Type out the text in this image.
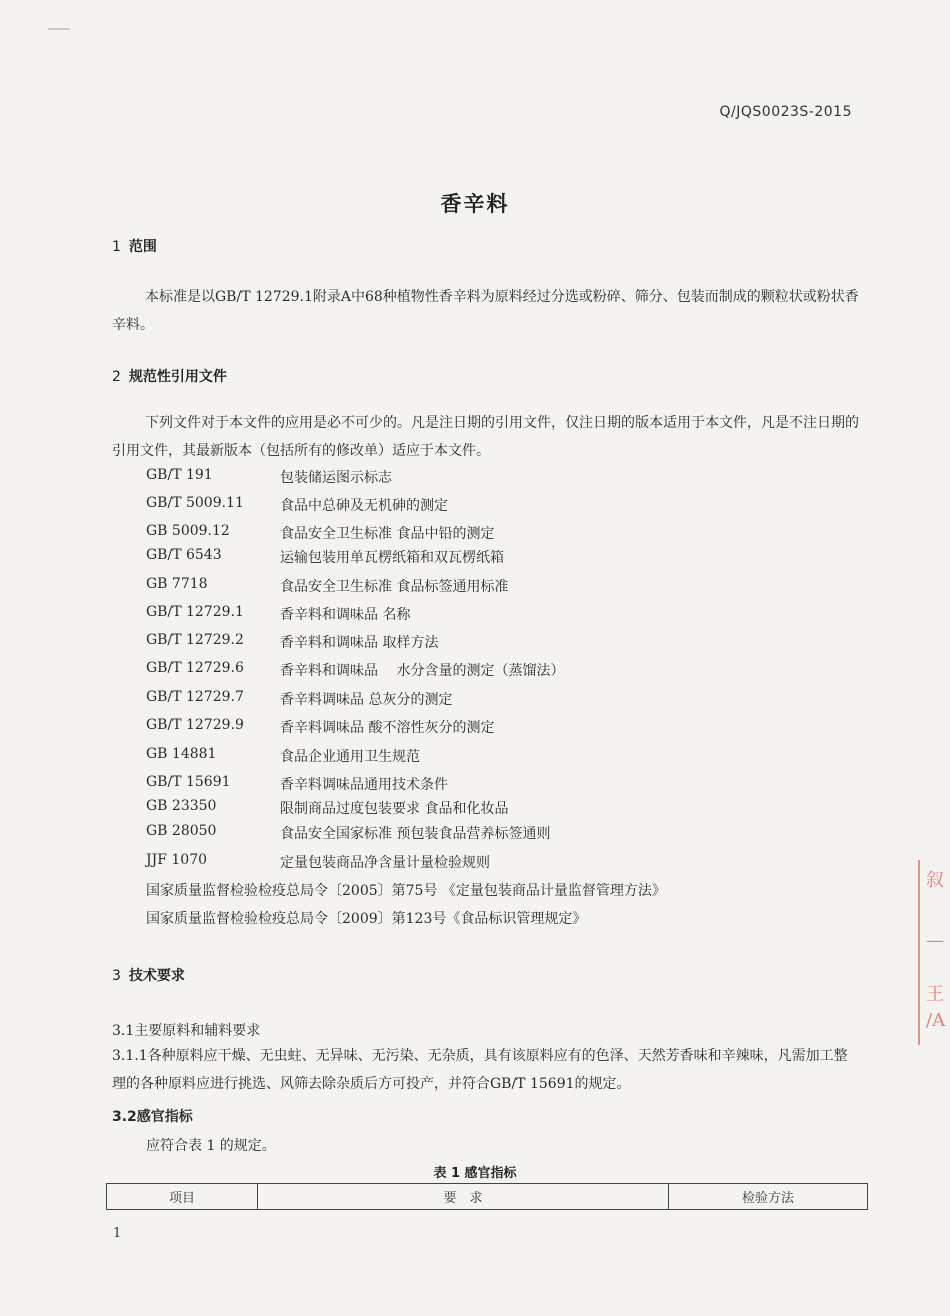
Q/JQS0023S-2015
香辛料
1 范围
本标准是以GB/T 12729.1附录A中68种植物性香辛料为原料经过分选或粉碎、筛分、包装而制成的颗粒状或粉状香辛料。
2 规范性引用文件
下列文件对于本文件的应用是必不可少的。凡是注日期的引用文件，仅注日期的版本适用于本文件，凡是不注日期的引用文件，其最新版本（包括所有的修改单）适应于本文件。
GB/T 191	包装储运图示标志
GB/T 5009.11	食品中总砷及无机砷的测定
GB 5009.12	食品安全卫生标准 食品中铅的测定
GB/T 6543	运输包装用单瓦楞纸箱和双瓦楞纸箱
GB 7718	食品安全卫生标准 食品标签通用标准
GB/T 12729.1	香辛料和调味品 名称
GB/T 12729.2	香辛料和调味品 取样方法
GB/T 12729.6	香辛料和调味品　 水分含量的测定（蒸馏法）
GB/T 12729.7	香辛料调味品 总灰分的测定
GB/T 12729.9	香辛料调味品 酸不溶性灰分的测定
GB 14881	食品企业通用卫生规范
GB/T 15691	香辛料调味品通用技术条件
GB 23350	限制商品过度包装要求 食品和化妆品
GB 28050	食品安全国家标准 预包装食品营养标签通则
JJF 1070	定量包装商品净含量计量检验规则
国家质量监督检验检疫总局令〔2005〕第75号 《定量包装商品计量监督管理方法》
国家质量监督检验检疫总局令〔2009〕第123号《食品标识管理规定》
3 技术要求
3.1主要原料和辅料要求
3.1.1各种原料应干燥、无虫蛀、无异味、无污染、无杂质，具有该原料应有的色泽、天然芳香味和辛辣味，凡需加工整理的各种原料应进行挑选、风筛去除杂质后方可投产，并符合GB/T 15691的规定。
3.2感官指标
应符合表 1 的规定。
表 1 感官指标
项目	要　求	检验方法
1
叙
—
王
/A
